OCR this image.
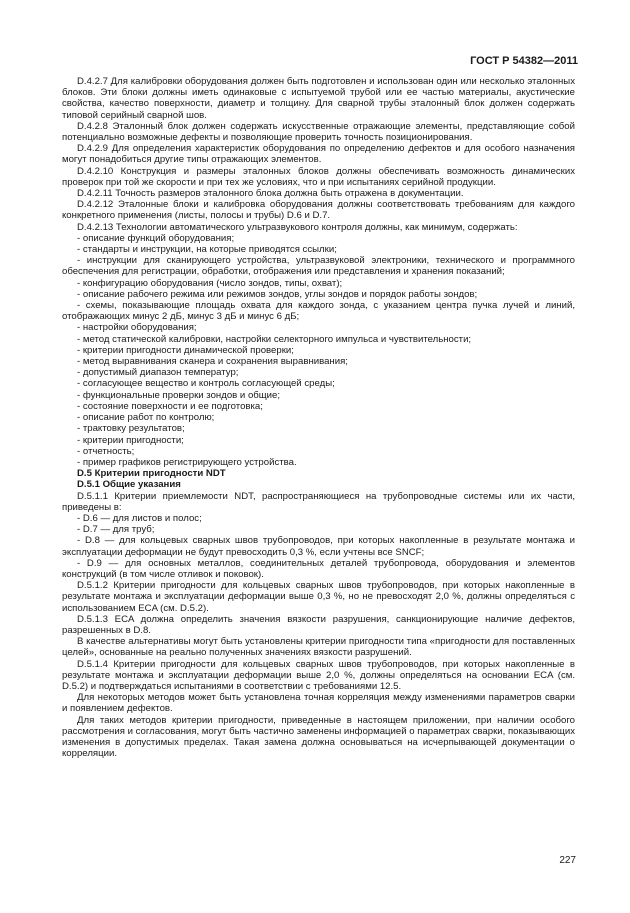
ГОСТ Р 54382—2011

D.4.2.7 Для калибровки оборудования должен быть подготовлен и использован один или несколько эталонных блоков. Эти блоки должны иметь одинаковые с испытуемой трубой или ее частью материалы, акустические свойства, качество поверхности, диаметр и толщину. Для сварной трубы эталонный блок должен содержать типовой серийный сварной шов.

D.4.2.8 Эталонный блок должен содержать искусственные отражающие элементы, представляющие собой потенциально возможные дефекты и позволяющие проверить точность позиционирования.

D.4.2.9 Для определения характеристик оборудования по определению дефектов и для особого назначения могут понадобиться другие типы отражающих элементов.

D.4.2.10 Конструкция и размеры эталонных блоков должны обеспечивать возможность динамических проверок при той же скорости и при тех же условиях, что и при испытаниях серийной продукции.

D.4.2.11 Точность размеров эталонного блока должна быть отражена в документации.

D.4.2.12 Эталонные блоки и калибровка оборудования должны соответствовать требованиям для каждого конкретного применения (листы, полосы и трубы) D.6 и D.7.

D.4.2.13 Технологии автоматического ультразвукового контроля должны, как минимум, содержать:

- описание функций оборудования;

- стандарты и инструкции, на которые приводятся ссылки;

- инструкции для сканирующего устройства, ультразвуковой электроники, технического и программного обеспечения для регистрации, обработки, отображения или представления и хранения показаний;

- конфигурацию оборудования (число зондов, типы, охват);

- описание рабочего режима или режимов зондов, углы зондов и порядок работы зондов;

- схемы, показывающие площадь охвата для каждого зонда, с указанием центра пучка лучей и линий, отображающих минус 2 дБ, минус 3 дБ и минус 6 дБ;

- настройки оборудования;

- метод статической калибровки, настройки селекторного импульса и чувствительности;

- критерии пригодности динамической проверки;

- метод выравнивания сканера и сохранения выравнивания;

- допустимый диапазон температур;

- согласующее вещество и контроль согласующей среды;

- функциональные проверки зондов и общие;

- состояние поверхности и ее подготовка;

- описание работ по контролю;

- трактовку результатов;

- критерии пригодности;

- отчетность;

- пример графиков регистрирующего устройства.

D.5 Критерии пригодности NDT

D.5.1 Общие указания

D.5.1.1 Критерии приемлемости NDT, распространяющиеся на трубопроводные системы или их части, приведены в:

- D.6 — для листов и полос;

- D.7 — для труб;

- D.8 — для кольцевых сварных швов трубопроводов, при которых накопленные в результате монтажа и эксплуатации деформации не будут превосходить 0,3 %, если учтены все SNCF;

- D.9 — для основных металлов, соединительных деталей трубопровода, оборудования и элементов конструкций (в том числе отливок и поковок).

D.5.1.2 Критерии пригодности для кольцевых сварных швов трубопроводов, при которых накопленные в результате монтажа и эксплуатации деформации выше 0,3 %, но не превосходят 2,0 %, должны определяться с использованием ECA (см. D.5.2).

D.5.1.3 ECA должна определить значения вязкости разрушения, санкционирующие наличие дефектов, разрешенных в D.8.

В качестве альтернативы могут быть установлены критерии пригодности типа «пригодности для поставленных целей», основанные на реально полученных значениях вязкости разрушений.

D.5.1.4 Критерии пригодности для кольцевых сварных швов трубопроводов, при которых накопленные в результате монтажа и эксплуатации деформации выше 2,0 %, должны определяться на основании ECA (см. D.5.2) и подтверждаться испытаниями в соответствии с требованиями 12.5.

Для некоторых методов может быть установлена точная корреляция между изменениями параметров сварки и появлением дефектов.

Для таких методов критерии пригодности, приведенные в настоящем приложении, при наличии особого рассмотрения и согласования, могут быть частично заменены информацией о параметрах сварки, показывающих изменения в допустимых пределах. Такая замена должна основываться на исчерпывающей документации о корреляции.

227
